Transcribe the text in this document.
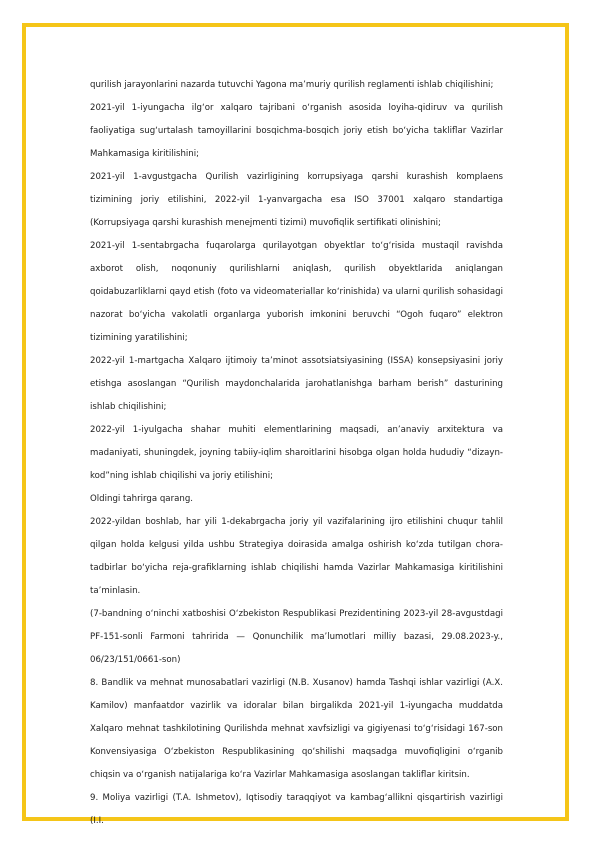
qurilish jarayonlarini nazarda tutuvchi Yagona ma’muriy qurilish reglamenti ishlab chiqilishini;

2021-yil 1-iyungacha ilg‘or xalqaro tajribani o‘rganish asosida loyiha-qidiruv va qurilish faoliyatiga sug‘urtalash tamoyillarini bosqichma-bosqich joriy etish bo‘yicha takliflar Vazirlar Mahkamasiga kiritilishini;

2021-yil 1-avgustgacha Qurilish vazirligining korrupsiyaga qarshi kurashish komplaens tizimining joriy etilishini, 2022-yil 1-yanvargacha esa ISO 37001 xalqaro standartiga (Korrupsiyaga qarshi kurashish menejmenti tizimi) muvofiqlik sertifikati olinishini;

2021-yil 1-sentabrgacha fuqarolarga qurilayotgan obyektlar to‘g‘risida mustaqil ravishda axborot olish, noqonuniy qurilishlarni aniqlash, qurilish obyektlarida aniqlangan qoidabuzarliklarni qayd etish (foto va videomateriallar ko‘rinishida) va ularni qurilish sohasidagi nazorat bo‘yicha vakolatli organlarga yuborish imkonini beruvchi “Ogoh fuqaro” elektron tizimining yaratilishini;

2022-yil 1-martgacha Xalqaro ijtimoiy ta’minot assotsiatsiyasining (ISSA) konsepsiyasini joriy etishga asoslangan “Qurilish maydonchalarida jarohatlanishga barham berish” dasturining ishlab chiqilishini;

2022-yil 1-iyulgacha shahar muhiti elementlarining maqsadi, an’anaviy arxitektura va madaniyati, shuningdek, joyning tabiiy-iqlim sharoitlarini hisobga olgan holda hududiy “dizayn-kod”ning ishlab chiqilishi va joriy etilishini;

Oldingi tahrirga qarang.

2022-yildan boshlab, har yili 1-dekabrgacha joriy yil vazifalarining ijro etilishini chuqur tahlil qilgan holda kelgusi yilda ushbu Strategiya doirasida amalga oshirish ko‘zda tutilgan chora-tadbirlar bo‘yicha reja-grafiklarning ishlab chiqilishi hamda Vazirlar Mahkamasiga kiritilishini ta’minlasin.

(7-bandning o‘ninchi xatboshisi O‘zbekiston Respublikasi Prezidentining 2023-yil 28-avgustdagi PF-151-sonli Farmoni tahririda — Qonunchilik ma’lumotlari milliy bazasi, 29.08.2023-y., 06/23/151/0661-son)

8. Bandlik va mehnat munosabatlari vazirligi (N.B. Xusanov) hamda Tashqi ishlar vazirligi (A.X. Kamilov) manfaatdor vazirlik va idoralar bilan birgalikda 2021-yil 1-iyungacha muddatda Xalqaro mehnat tashkilotining Qurilishda mehnat xavfsizligi va gigiyenasi to‘g‘risidagi 167-son Konvensiyasiga O‘zbekiston Respublikasining qo‘shilishi maqsadga muvofiqligini o‘rganib chiqsin va o‘rganish natijalariga ko‘ra Vazirlar Mahkamasiga asoslangan takliflar kiritsin.

9. Moliya vazirligi (T.A. Ishmetov), Iqtisodiy taraqqiyot va kambag‘allikni qisqartirish vazirligi (I.I.
